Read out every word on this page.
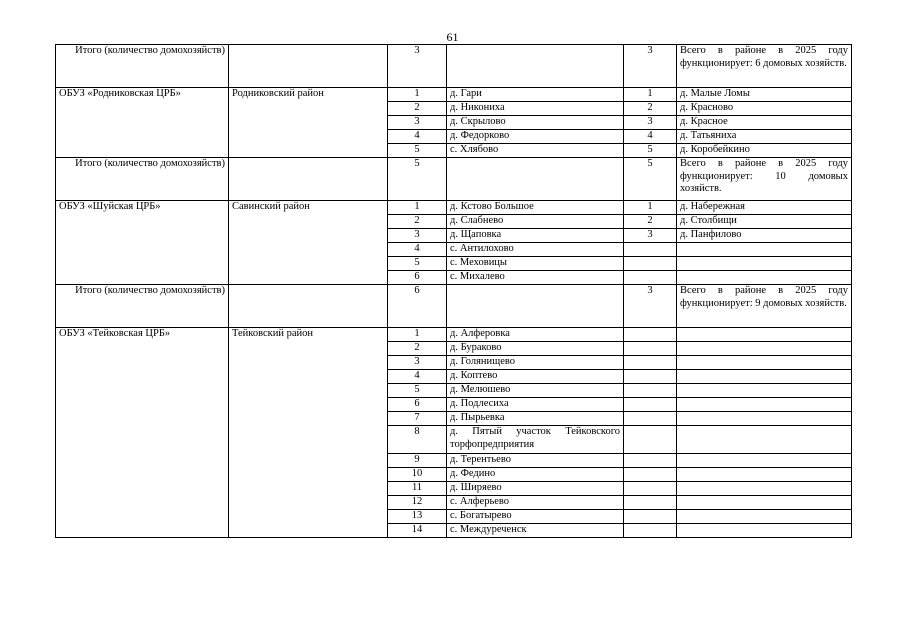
61
Итого (количество домохозяйств)		3		3	Всего в районе в 2025 году функционирует: 6 домовых хозяйств.
ОБУЗ «Родниковская ЦРБ»	Родниковский район	1	д. Гари	1	д. Малые Ломы
		2	д. Никониха	2	д. Красново
		3	д. Скрылово	3	д. Красное
		4	д. Федорково	4	д. Татьяниха
		5	с. Хлябово	5	д. Коробейкино
Итого (количество домохозяйств)		5		5	Всего в районе в 2025 году функционирует: 10 домовых хозяйств.
ОБУЗ «Шуйская ЦРБ»	Савинский район	1	д. Кстово Большое	1	д. Набережная
		2	д. Слабнево	2	д. Столбищи
		3	д. Щаповка	3	д. Панфилово
		4	с. Антилохово		
		5	с. Меховицы		
		6	с. Михалево		
Итого (количество домохозяйств)		6		3	Всего в районе в 2025 году функционирует: 9 домовых хозяйств.
ОБУЗ «Тейковская ЦРБ»	Тейковский район	1	д. Алферовка		
		2	д. Бураково		
		3	д. Голянищево		
		4	д. Коптево		
		5	д. Мелюшево		
		6	д. Подлесиха		
		7	д. Пырьевка		
		8	д. Пятый участок Тейковского торфопредприятия		
		9	д. Терентьево		
		10	д. Федино		
		11	д. Ширяево		
		12	с. Алферьево		
		13	с. Богатырево		
		14	с. Междуреченск		
